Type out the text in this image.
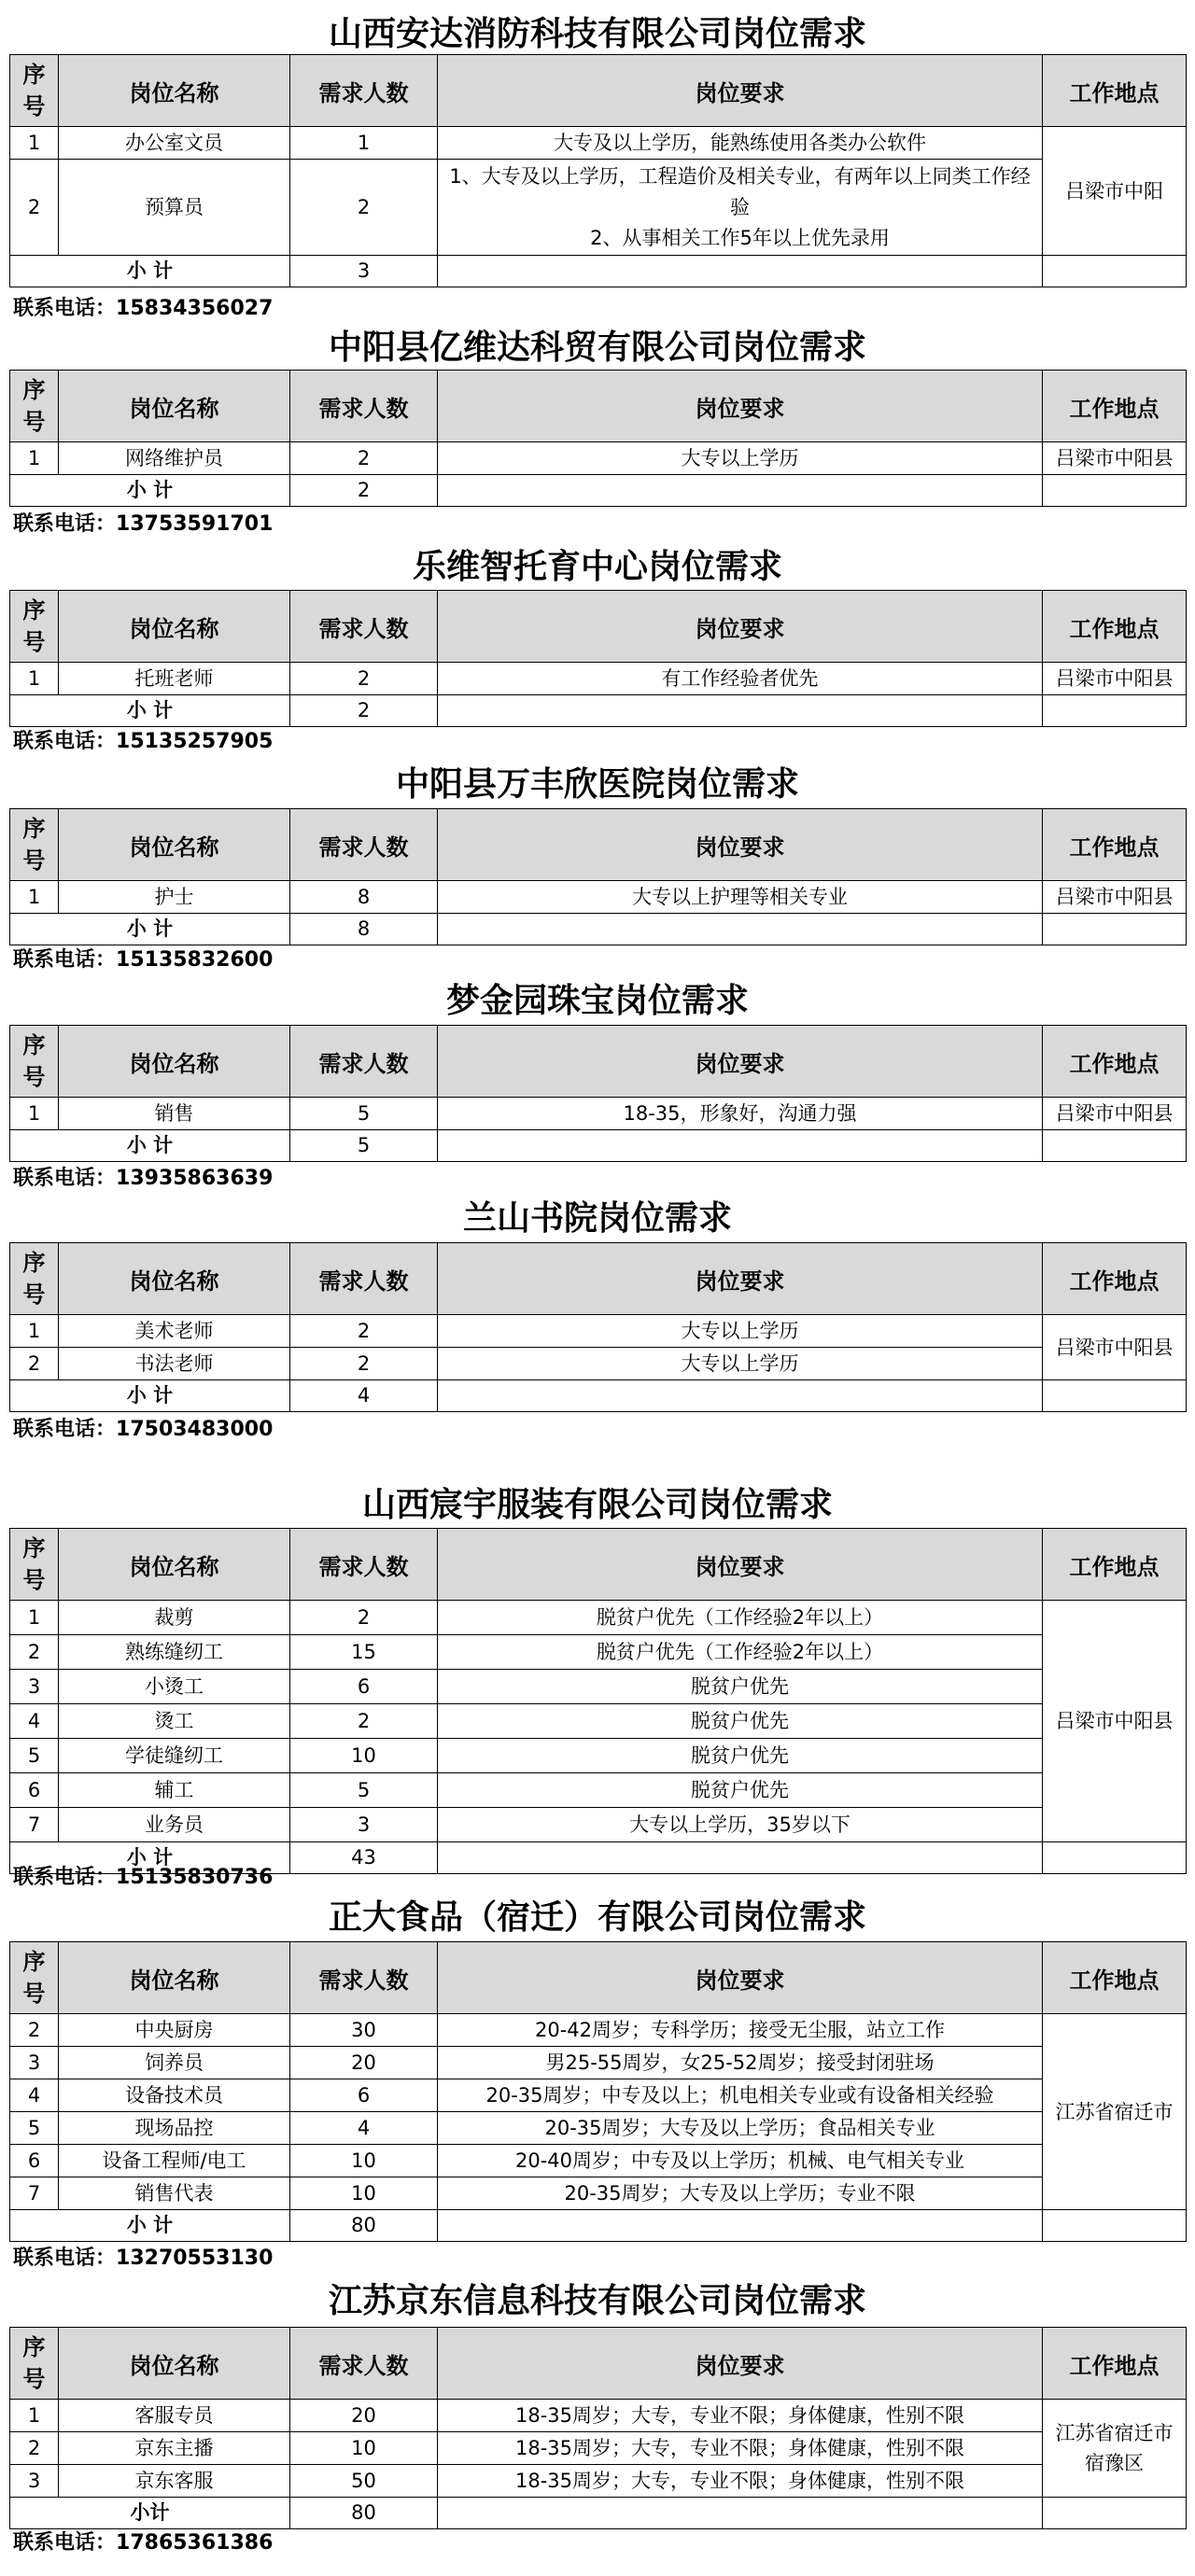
山西安达消防科技有限公司岗位需求
序号	岗位名称	需求人数	岗位要求	工作地点
1	办公室文员	1	大专及以上学历，能熟练使用各类办公软件	吕梁市中阳
2	预算员	2	1、大专及以上学历，工程造价及相关专业，有两年以上同类工作经验
2、从事相关工作5年以上优先录用	

小 计		3		
联系电话：15834356027
中阳县亿维达科贸有限公司岗位需求
序号	岗位名称	需求人数	岗位要求	工作地点
1	网络维护员	2	大专以上学历	吕梁市中阳县
小 计		2		
联系电话：13753591701
乐维智托育中心岗位需求
序号	岗位名称	需求人数	岗位要求	工作地点
1	托班老师	2	有工作经验者优先	吕梁市中阳县
小 计		2		
联系电话：15135257905
中阳县万丰欣医院岗位需求
序号	岗位名称	需求人数	岗位要求	工作地点
1	护士	8	大专以上护理等相关专业	吕梁市中阳县
小 计		8		
联系电话：15135832600
梦金园珠宝岗位需求
序号	岗位名称	需求人数	岗位要求	工作地点
1	销售	5	18-35，形象好，沟通力强	吕梁市中阳县
小 计		5		
联系电话：13935863639
兰山书院岗位需求
序号	岗位名称	需求人数	岗位要求	工作地点
1	美术老师	2	大专以上学历	吕梁市中阳县
2	书法老师	2	大专以上学历	

小 计		4		
联系电话：17503483000
山西宸宇服装有限公司岗位需求
序号	岗位名称	需求人数	岗位要求	工作地点
1	裁剪	2	脱贫户优先（工作经验2年以上）	吕梁市中阳县
2	熟练缝纫工	15	脱贫户优先（工作经验2年以上）	

3	小烫工	6	脱贫户优先	

4	烫工	2	脱贫户优先	

5	学徒缝纫工	10	脱贫户优先	

6	辅工	5	脱贫户优先	

7	业务员	3	大专以上学历，35岁以下	

小 计		43		
联系电话：15135830736
正大食品（宿迁）有限公司岗位需求
序号	岗位名称	需求人数	岗位要求	工作地点
2	中央厨房	30	20-42周岁；专科学历；接受无尘服，站立工作	江苏省宿迁市
3	饲养员	20	男25-55周岁，女25-52周岁；接受封闭驻场	

4	设备技术员	6	20-35周岁；中专及以上；机电相关专业或有设备相关经验	

5	现场品控	4	20-35周岁；大专及以上学历；食品相关专业	

6	设备工程师/电工	10	20-40周岁；中专及以上学历；机械、电气相关专业	

7	销售代表	10	20-35周岁；大专及以上学历；专业不限	

小 计		80		
联系电话：13270553130
江苏京东信息科技有限公司岗位需求
序号	岗位名称	需求人数	岗位要求	工作地点
1	客服专员	20	18-35周岁；大专，专业不限；身体健康，性别不限	江苏省宿迁市宿豫区
2	京东主播	10	18-35周岁；大专，专业不限；身体健康，性别不限	

3	京东客服	50	18-35周岁；大专，专业不限；身体健康，性别不限	

小计		80		
联系电话：17865361386
